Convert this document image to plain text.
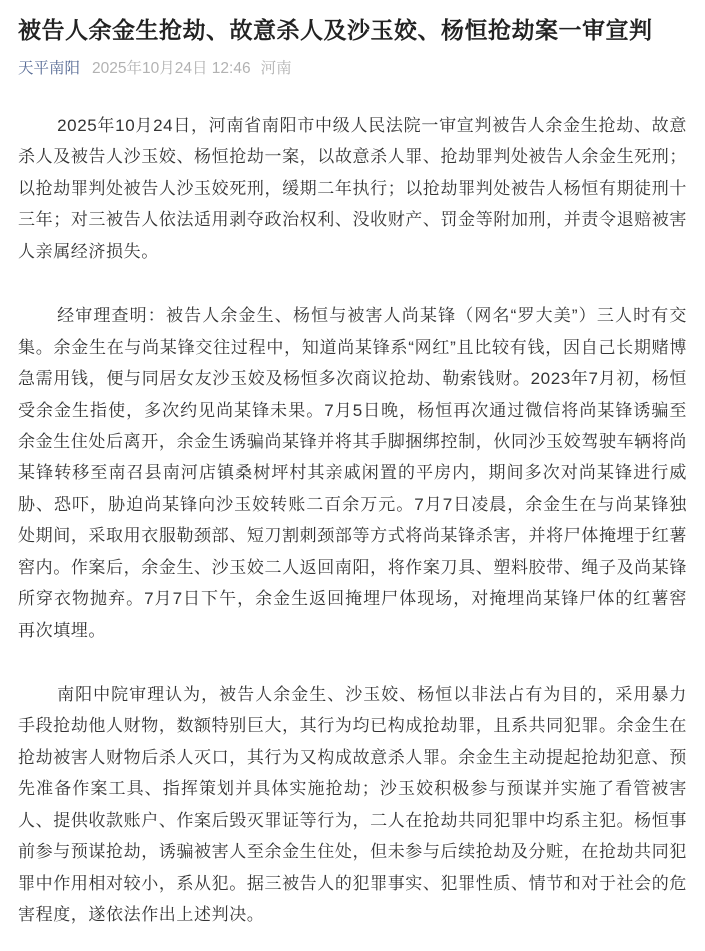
被告人余金生抢劫、故意杀人及沙玉姣、杨恒抢劫案一审宣判
天平南阳 2025年10月24日 12:46 河南

2025年10月24日，河南省南阳市中级人民法院一审宣判被告人余金生抢劫、故意杀人及被告人沙玉姣、杨恒抢劫一案，以故意杀人罪、抢劫罪判处被告人余金生死刑；以抢劫罪判处被告人沙玉姣死刑，缓期二年执行；以抢劫罪判处被告人杨恒有期徒刑十三年；对三被告人依法适用剥夺政治权利、没收财产、罚金等附加刑，并责令退赔被害人亲属经济损失。

经审理查明：被告人余金生、杨恒与被害人尚某锋（网名“罗大美”）三人时有交集。余金生在与尚某锋交往过程中，知道尚某锋系“网红”且比较有钱，因自己长期赌博急需用钱，便与同居女友沙玉姣及杨恒多次商议抢劫、勒索钱财。2023年7月初，杨恒受余金生指使，多次约见尚某锋未果。7月5日晚，杨恒再次通过微信将尚某锋诱骗至余金生住处后离开，余金生诱骗尚某锋并将其手脚捆绑控制，伙同沙玉姣驾驶车辆将尚某锋转移至南召县南河店镇桑树坪村其亲戚闲置的平房内，期间多次对尚某锋进行威胁、恐吓，胁迫尚某锋向沙玉姣转账二百余万元。7月7日凌晨，余金生在与尚某锋独处期间，采取用衣服勒颈部、短刀割刺颈部等方式将尚某锋杀害，并将尸体掩埋于红薯窖内。作案后，余金生、沙玉姣二人返回南阳，将作案刀具、塑料胶带、绳子及尚某锋所穿衣物抛弃。7月7日下午，余金生返回掩埋尸体现场，对掩埋尚某锋尸体的红薯窖再次填埋。

南阳中院审理认为，被告人余金生、沙玉姣、杨恒以非法占有为目的，采用暴力手段抢劫他人财物，数额特别巨大，其行为均已构成抢劫罪，且系共同犯罪。余金生在抢劫被害人财物后杀人灭口，其行为又构成故意杀人罪。余金生主动提起抢劫犯意、预先准备作案工具、指挥策划并具体实施抢劫；沙玉姣积极参与预谋并实施了看管被害人、提供收款账户、作案后毁灭罪证等行为，二人在抢劫共同犯罪中均系主犯。杨恒事前参与预谋抢劫，诱骗被害人至余金生住处，但未参与后续抢劫及分赃，在抢劫共同犯罪中作用相对较小，系从犯。据三被告人的犯罪事实、犯罪性质、情节和对于社会的危害程度，遂依法作出上述判决。
